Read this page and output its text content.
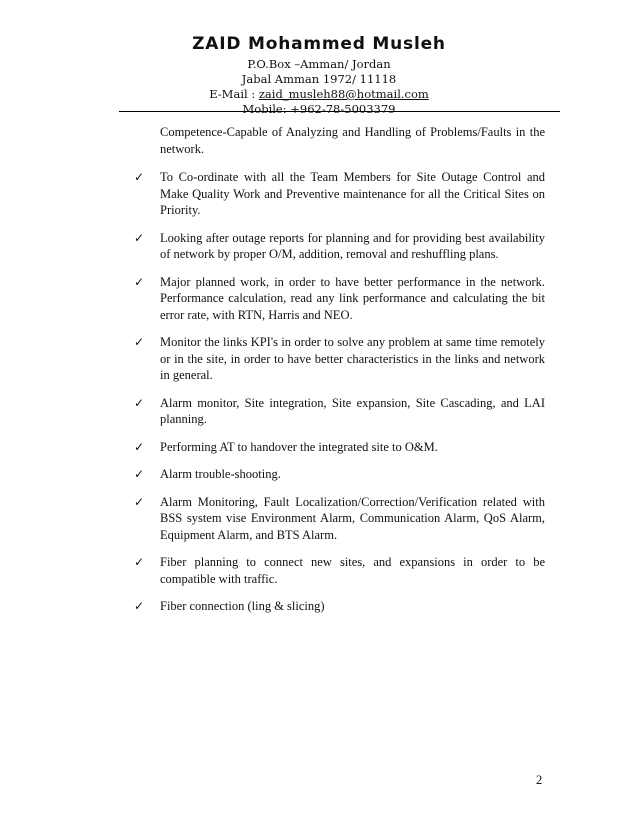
ZAID Mohammed Musleh
P.O.Box –Amman/ Jordan
Jabal Amman 1972/ 11118
E-Mail : zaid_musleh88@hotmail.com
Mobile: +962-78-5003379

Competence-Capable of Analyzing and Handling of Problems/Faults in the network.

✓ To Co-ordinate with all the Team Members for Site Outage Control and Make Quality Work and Preventive maintenance for all the Critical Sites on Priority.
✓ Looking after outage reports for planning and for providing best availability of network by proper O/M, addition, removal and reshuffling plans.
✓ Major planned work, in order to have better performance in the network. Performance calculation, read any link performance and calculating the bit error rate, with RTN, Harris and NEO.
✓ Monitor the links KPI's in order to solve any problem at same time remotely or in the site, in order to have better characteristics in the links and network in general.
✓ Alarm monitor, Site integration, Site expansion, Site Cascading, and LAI planning.
✓ Performing AT to handover the integrated site to O&M.
✓ Alarm trouble-shooting.
✓ Alarm Monitoring, Fault Localization/Correction/Verification related with BSS system vise Environment Alarm, Communication Alarm, QoS Alarm, Equipment Alarm, and BTS Alarm.
✓ Fiber planning to connect new sites, and expansions in order to be compatible with traffic.
✓ Fiber connection (ling & slicing)
2
